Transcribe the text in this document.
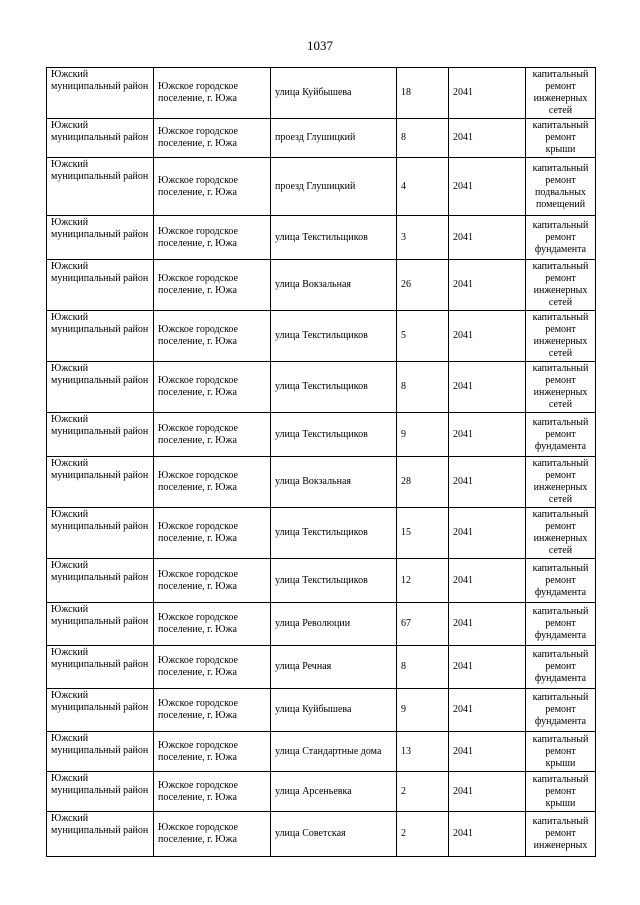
1037
Южский муниципальный район	Южское городское поселение, г. Южа	улица Куйбышева	18	2041	капитальный ремонт инженерных сетей
Южский муниципальный район	Южское городское поселение, г. Южа	проезд Глушицкий	8	2041	капитальный ремонт крыши
Южский муниципальный район	Южское городское поселение, г. Южа	проезд Глушицкий	4	2041	капитальный ремонт подвальных помещений
Южский муниципальный район	Южское городское поселение, г. Южа	улица Текстильщиков	3	2041	капитальный ремонт фундамента
Южский муниципальный район	Южское городское поселение, г. Южа	улица Вокзальная	26	2041	капитальный ремонт инженерных сетей
Южский муниципальный район	Южское городское поселение, г. Южа	улица Текстильщиков	5	2041	капитальный ремонт инженерных сетей
Южский муниципальный район	Южское городское поселение, г. Южа	улица Текстильщиков	8	2041	капитальный ремонт инженерных сетей
Южский муниципальный район	Южское городское поселение, г. Южа	улица Текстильщиков	9	2041	капитальный ремонт фундамента
Южский муниципальный район	Южское городское поселение, г. Южа	улица Вокзальная	28	2041	капитальный ремонт инженерных сетей
Южский муниципальный район	Южское городское поселение, г. Южа	улица Текстильщиков	15	2041	капитальный ремонт инженерных сетей
Южский муниципальный район	Южское городское поселение, г. Южа	улица Текстильщиков	12	2041	капитальный ремонт фундамента
Южский муниципальный район	Южское городское поселение, г. Южа	улица Революции	67	2041	капитальный ремонт фундамента
Южский муниципальный район	Южское городское поселение, г. Южа	улица Речная	8	2041	капитальный ремонт фундамента
Южский муниципальный район	Южское городское поселение, г. Южа	улица Куйбышева	9	2041	капитальный ремонт фундамента
Южский муниципальный район	Южское городское поселение, г. Южа	улица Стандартные дома	13	2041	капитальный ремонт крыши
Южский муниципальный район	Южское городское поселение, г. Южа	улица Арсеньевка	2	2041	капитальный ремонт крыши
Южский муниципальный район	Южское городское поселение, г. Южа	улица Советская	2	2041	капитальный ремонт инженерных
